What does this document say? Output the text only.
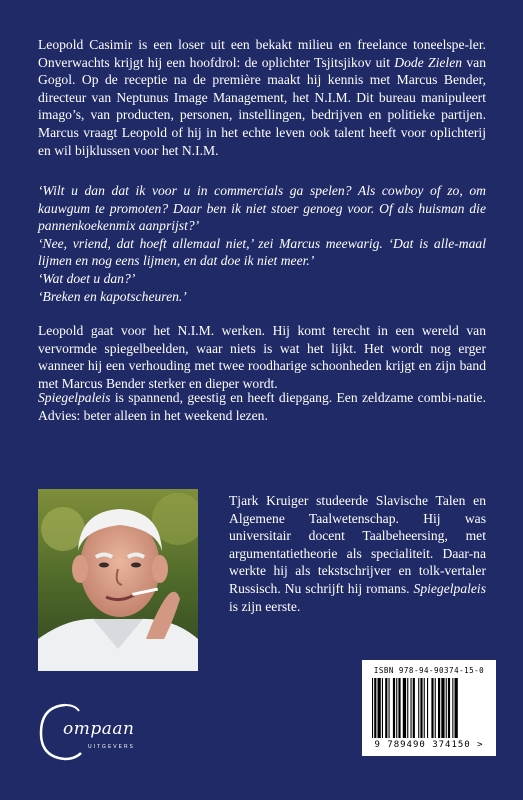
Leopold Casimir is een loser uit een bekakt milieu en freelance toneelspe-ler. Onverwachts krijgt hij een hoofdrol: de oplichter Tsjitsjikov uit Dode Zielen van Gogol. Op de receptie na de première maakt hij kennis met Marcus Bender, directeur van Neptunus Image Management, het N.I.M. Dit bureau manipuleert imago’s, van producten, personen, instellingen, bedrijven en politieke partijen. Marcus vraagt Leopold of hij in het echte leven ook talent heeft voor oplichterij en wil bijklussen voor het N.I.M.

‘Wilt u dan dat ik voor u in commercials ga spelen? Als cowboy of zo, om kauwgum te promoten? Daar ben ik niet stoer genoeg voor. Of als huisman die pannenkoekenmix aanprijst?’

‘Nee, vriend, dat hoeft allemaal niet,’ zei Marcus meewarig. ‘Dat is alle-maal lijmen en nog eens lijmen, en dat doe ik niet meer.’

‘Wat doet u dan?’

‘Breken en kapotscheuren.’

Leopold gaat voor het N.I.M. werken. Hij komt terecht in een wereld van vervormde spiegelbeelden, waar niets is wat het lijkt. Het wordt nog erger wanneer hij een verhouding met twee roodharige schoonheden krijgt en zijn band met Marcus Bender sterker en dieper wordt.

Spiegelpaleis is spannend, geestig en heeft diepgang. Een zeldzame combi-natie. Advies: beter alleen in het weekend lezen.

Tjark Kruiger studeerde Slavische Talen en Algemene Taalwetenschap. Hij was universitair docent Taalbeheersing, met argumentatietheorie als specialiteit. Daar-na werkte hij als tekstschrijver en tolk-vertaler Russisch. Nu schrijft hij romans. Spiegelpaleis is zijn eerste.

ISBN 978-94-90374-15-0
9 789490 374150 >
ompaan
UITGEVERS
